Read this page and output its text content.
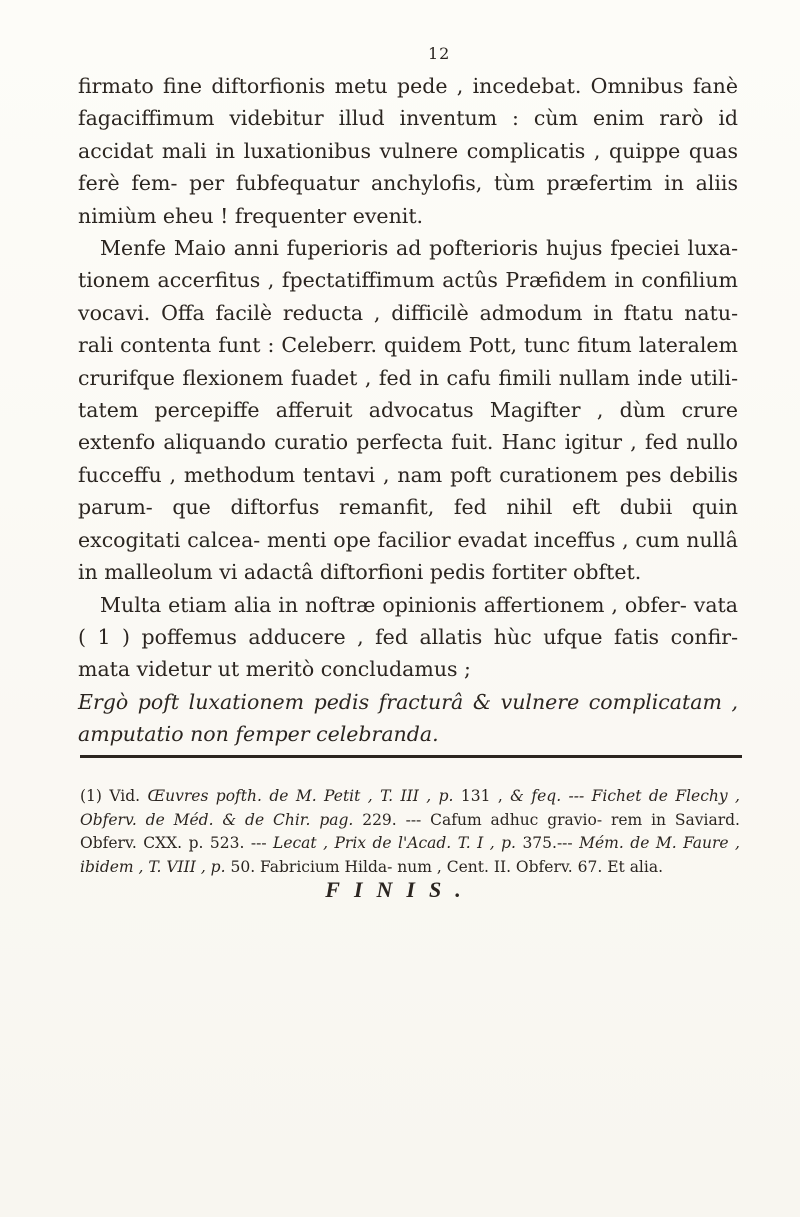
12

firmato fine diftorfionis metu pede , incedebat. Omnibus fanè fagaciffimum videbitur illud inventum : cùm enim rarò id accidat mali in luxationibus vulnere complicatis , quippe quas ferè fem- per fubfequatur anchylofis, tùm præfertim in aliis nimiùm eheu ! frequenter evenit.

Menfe Maio anni fuperioris ad pofterioris hujus fpeciei luxa- tionem accerfitus , fpectatiffimum actûs Præfidem in confilium vocavi. Offa facilè reducta , difficilè admodum in ftatu natu- rali contenta funt : Celeberr. quidem Pott, tunc fitum lateralem crurifque flexionem fuadet , fed in cafu fimili nullam inde utili- tatem percepiffe afferuit advocatus Magifter , dùm crure extenfo aliquando curatio perfecta fuit. Hanc igitur , fed nullo fucceffu , methodum tentavi , nam poft curationem pes debilis parum- que diftorfus remanfit, fed nihil eft dubii quin excogitati calcea- menti ope facilior evadat inceffus , cum nullâ in malleolum vi adactâ diftorfioni pedis fortiter obftet.

Multa etiam alia in noftræ opinionis affertionem , obfer- vata ( 1 ) poffemus adducere , fed allatis hùc ufque fatis confir- mata videtur ut meritò concludamus ;

Ergò poft luxationem pedis fracturâ & vulnere complicatam , amputatio non femper celebranda.

(1) Vid. Œuvres pofth. de M. Petit , T. III , p. 131 , & feq. --- Fichet de Flechy , Obferv. de Méd. & de Chir. pag. 229. --- Cafum adhuc gravio- rem in Saviard. Obferv. CXX. p. 523. --- Lecat , Prix de l'Acad. T. I , p. 375.--- Mém. de M. Faure , ibidem , T. VIII , p. 50. Fabricium Hilda- num , Cent. II. Obferv. 67. Et alia.
FINIS.
